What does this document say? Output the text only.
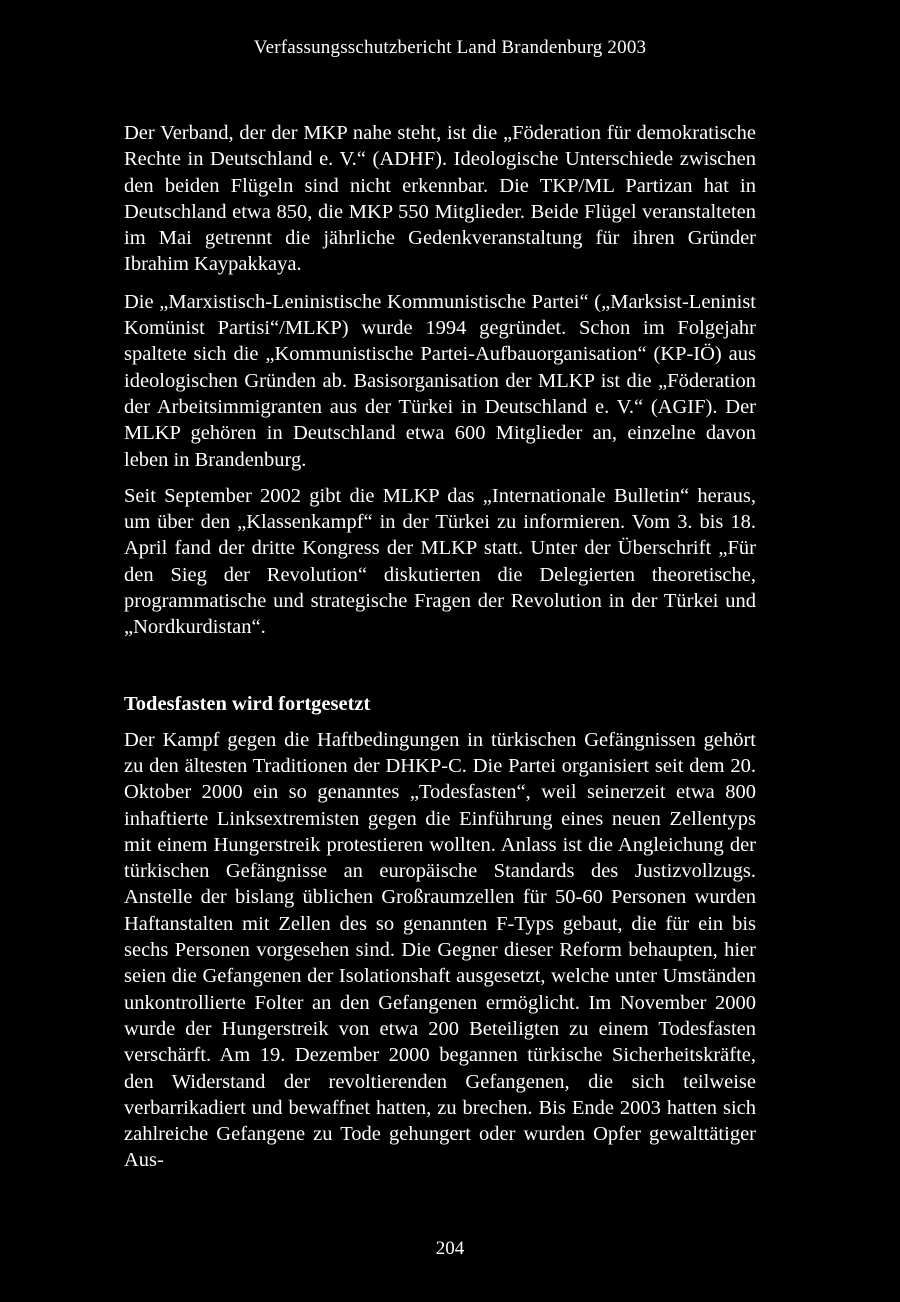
Verfassungsschutzbericht Land Brandenburg 2003

Der Verband, der der MKP nahe steht, ist die „Föderation für demokratische Rechte in Deutschland e. V.“ (ADHF). Ideologische Unterschiede zwischen den beiden Flügeln sind nicht erkennbar. Die TKP/ML Partizan hat in Deutschland etwa 850, die MKP 550 Mitglieder. Beide Flügel veranstalteten im Mai getrennt die jährliche Gedenkveranstaltung für ihren Gründer Ibrahim Kaypakkaya.

Die „Marxistisch-Leninistische Kommunistische Partei“ („Marksist-Leninist Komünist Partisi“/MLKP) wurde 1994 gegründet. Schon im Folgejahr spaltete sich die „Kommunistische Partei-Aufbauorganisation“ (KP-IÖ) aus ideologischen Gründen ab. Basisorganisation der MLKP ist die „Föderation der Arbeitsimmigranten aus der Türkei in Deutschland e. V.“ (AGIF). Der MLKP gehören in Deutschland etwa 600 Mitglieder an, einzelne davon leben in Brandenburg.

Seit September 2002 gibt die MLKP das „Internationale Bulletin“ heraus, um über den „Klassenkampf“ in der Türkei zu informieren. Vom 3. bis 18. April fand der dritte Kongress der MLKP statt. Unter der Überschrift „Für den Sieg der Revolution“ diskutierten die Delegierten theoretische, programmatische und strategische Fragen der Revolution in der Türkei und „Nordkurdistan“.

Todesfasten wird fortgesetzt

Der Kampf gegen die Haftbedingungen in türkischen Gefängnissen gehört zu den ältesten Traditionen der DHKP-C. Die Partei organisiert seit dem 20. Oktober 2000 ein so genanntes „Todesfasten“, weil seinerzeit etwa 800 inhaftierte Linksextremisten gegen die Einführung eines neuen Zellentyps mit einem Hungerstreik protestieren wollten. Anlass ist die Angleichung der türkischen Gefängnisse an europäische Standards des Justizvollzugs. Anstelle der bislang üblichen Großraumzellen für 50-60 Personen wurden Haftanstalten mit Zellen des so genannten F-Typs gebaut, die für ein bis sechs Personen vorgesehen sind. Die Gegner dieser Reform behaupten, hier seien die Gefangenen der Isolationshaft ausgesetzt, welche unter Umständen unkontrollierte Folter an den Gefangenen ermöglicht. Im November 2000 wurde der Hungerstreik von etwa 200 Beteiligten zu einem Todesfasten verschärft. Am 19. Dezember 2000 begannen türkische Sicherheitskräfte, den Widerstand der revoltierenden Gefangenen, die sich teilweise verbarrikadiert und bewaffnet hatten, zu brechen. Bis Ende 2003 hatten sich zahlreiche Gefangene zu Tode gehungert oder wurden Opfer gewalttätiger Aus-

204
